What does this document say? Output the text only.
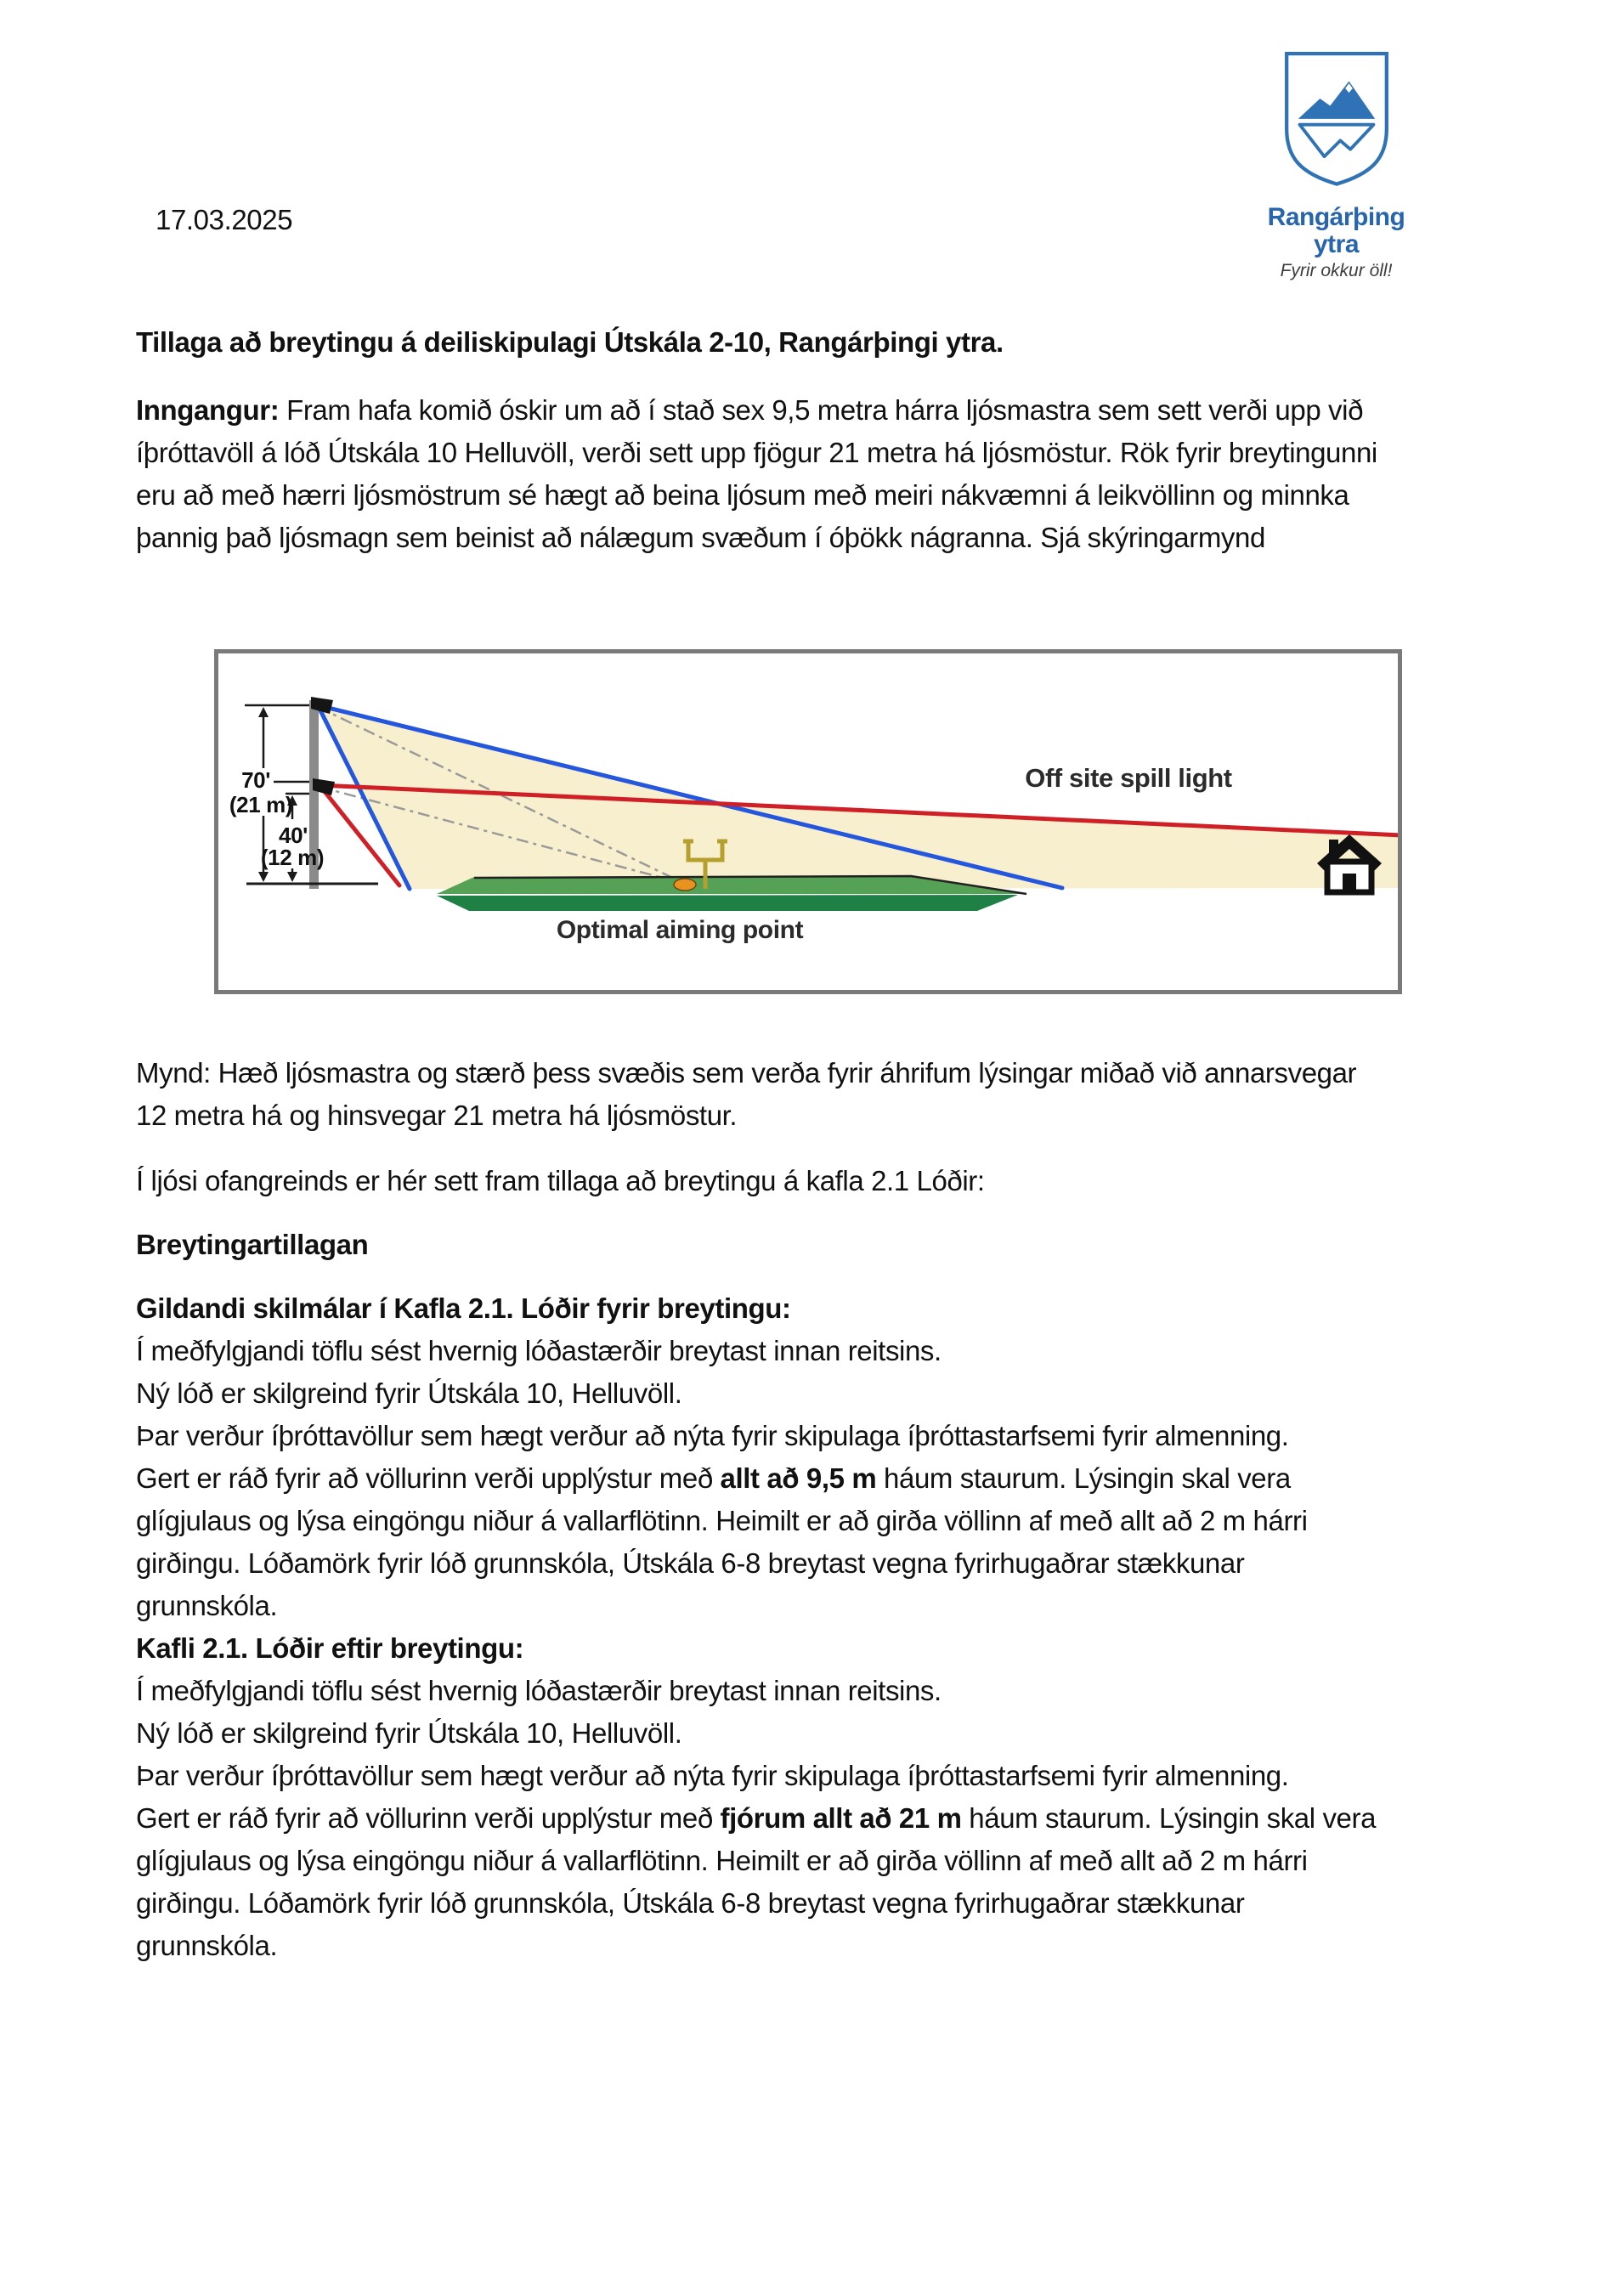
17.03.2025	Rangárþing ytra
Fyrir okkur öll!
Tillaga að breytingu á deiliskipulagi Útskála 2-10, Rangárþingi ytra.

Inngangur: Fram hafa komið óskir um að í stað sex 9,5 metra hárra ljósmastra sem sett verði upp við íþróttavöll á lóð Útskála 10 Helluvöll, verði sett upp fjögur 21 metra há ljósmöstur. Rök fyrir breytingunni eru að með hærri ljósmöstrum sé hægt að beina ljósum með meiri nákvæmni á leikvöllinn og minnka þannig það ljósmagn sem beinist að nálægum svæðum í óþökk nágranna. Sjá skýringarmynd

70'
(21 m)
40'
(12 m)
Off site spill light
Optimal aiming point
Mynd: Hæð ljósmastra og stærð þess svæðis sem verða fyrir áhrifum lýsingar miðað við annarsvegar 12 metra há og hinsvegar 21 metra há ljósmöstur.
Í ljósi ofangreinds er hér sett fram tillaga að breytingu á kafla 2.1 Lóðir:
Breytingartillagan

Gildandi skilmálar í Kafla 2.1. Lóðir fyrir breytingu:

Í meðfylgjandi töflu sést hvernig lóðastærðir breytast innan reitsins.

Ný lóð er skilgreind fyrir Útskála 10, Helluvöll.

Þar verður íþróttavöllur sem hægt verður að nýta fyrir skipulaga íþróttastarfsemi fyrir almenning.

Gert er ráð fyrir að völlurinn verði upplýstur með allt að 9,5 m háum staurum. Lýsingin skal vera glígjulaus og lýsa eingöngu niður á vallarflötinn. Heimilt er að girða völlinn af með allt að 2 m hárri girðingu. Lóðamörk fyrir lóð grunnskóla, Útskála 6-8 breytast vegna fyrirhugaðrar stækkunar grunnskóla.

Kafli 2.1. Lóðir eftir breytingu:

Í meðfylgjandi töflu sést hvernig lóðastærðir breytast innan reitsins.

Ný lóð er skilgreind fyrir Útskála 10, Helluvöll.

Þar verður íþróttavöllur sem hægt verður að nýta fyrir skipulaga íþróttastarfsemi fyrir almenning.

Gert er ráð fyrir að völlurinn verði upplýstur með fjórum allt að 21 m háum staurum. Lýsingin skal vera glígjulaus og lýsa eingöngu niður á vallarflötinn. Heimilt er að girða völlinn af með allt að 2 m hárri girðingu. Lóðamörk fyrir lóð grunnskóla, Útskála 6-8 breytast vegna fyrirhugaðrar stækkunar grunnskóla.
